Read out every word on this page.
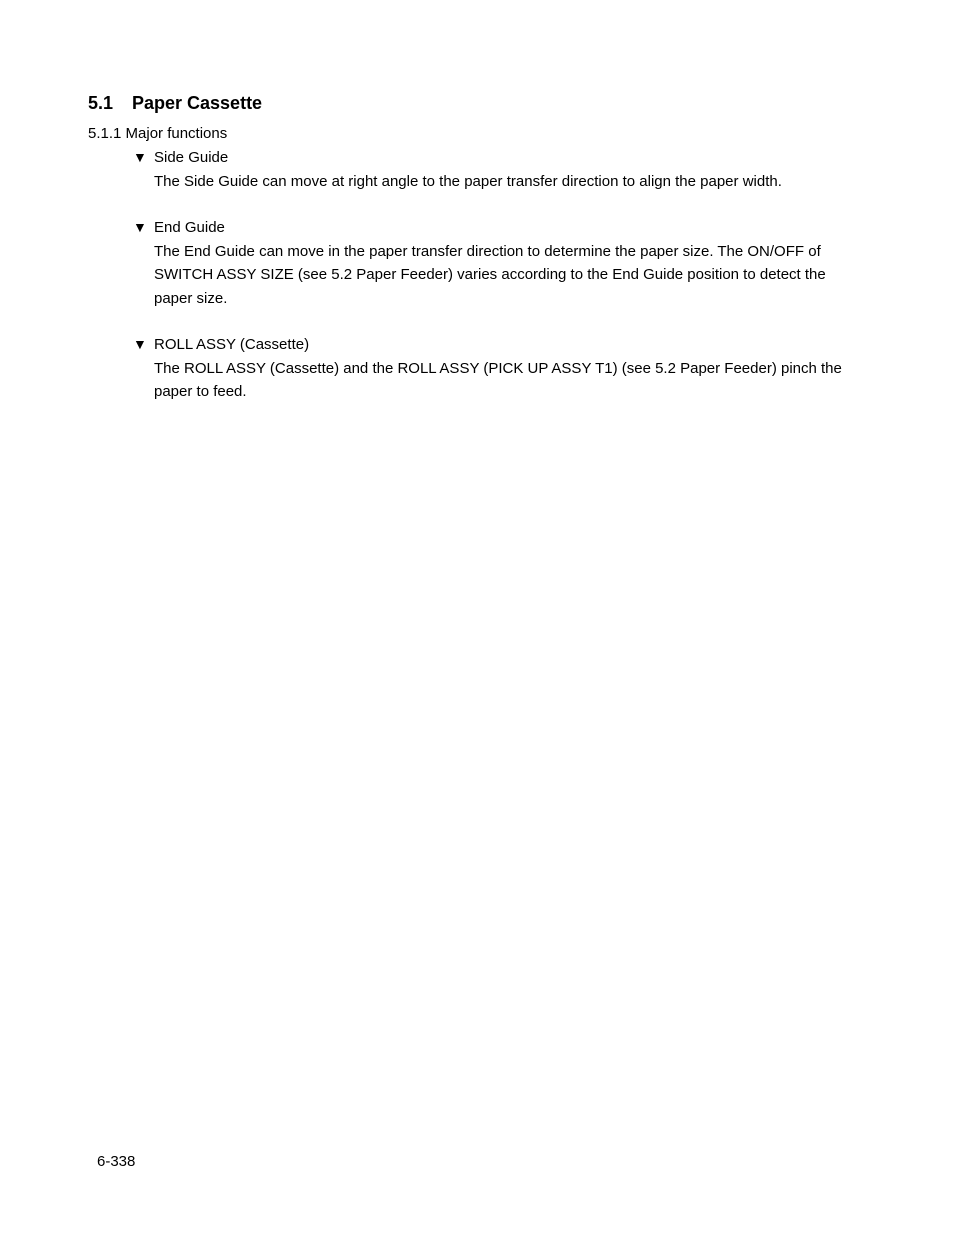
5.1 Paper Cassette
5.1.1 Major functions
▼ Side Guide
The Side Guide can move at right angle to the paper transfer direction to align the paper width.
▼ End Guide
The End Guide can move in the paper transfer direction to determine the paper size. The ON/OFF of SWITCH ASSY SIZE (see 5.2 Paper Feeder) varies according to the End Guide position to detect the paper size.
▼ ROLL ASSY (Cassette)
The ROLL ASSY (Cassette) and the ROLL ASSY (PICK UP ASSY T1) (see 5.2 Paper Feeder) pinch the paper to feed.
6-338
